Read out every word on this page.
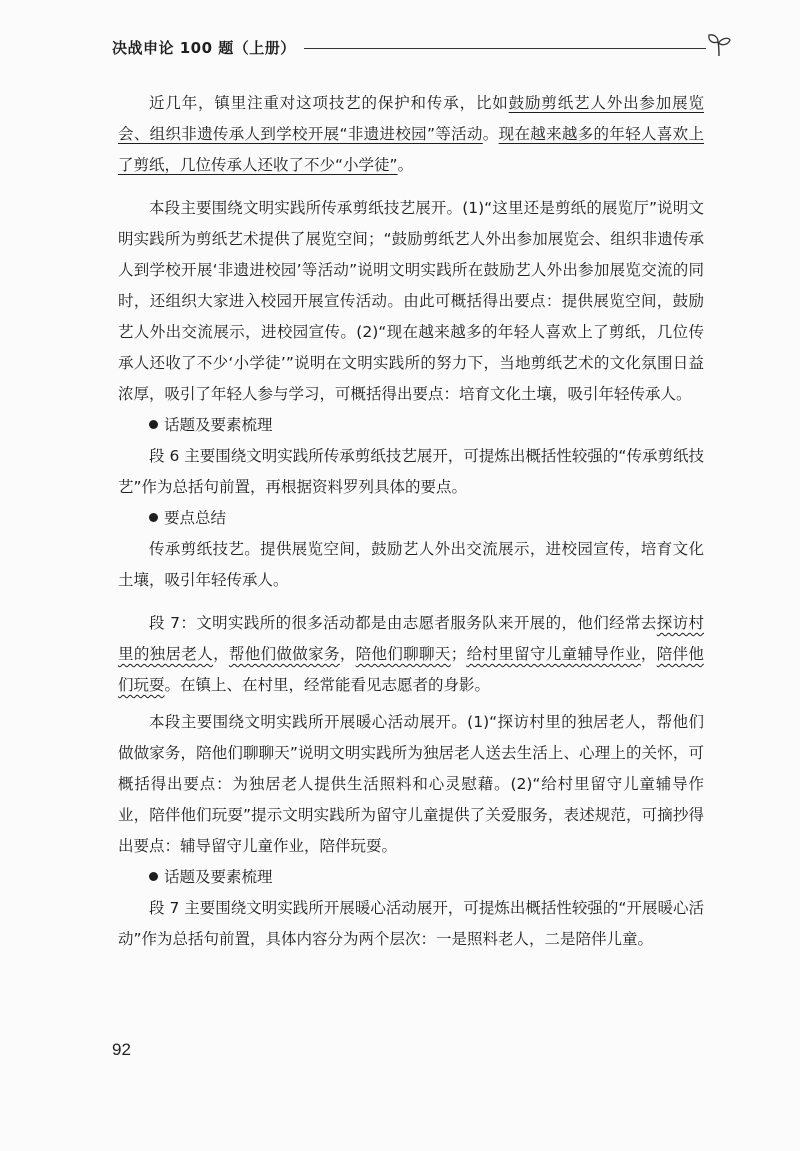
决战申论 100 题（上册）

近几年，镇里注重对这项技艺的保护和传承，比如鼓励剪纸艺人外出参加展览会、组织非遗传承人到学校开展“非遗进校园”等活动。现在越来越多的年轻人喜欢上了剪纸，几位传承人还收了不少“小学徒”。

本段主要围绕文明实践所传承剪纸技艺展开。(1)“这里还是剪纸的展览厅”说明文明实践所为剪纸艺术提供了展览空间；“鼓励剪纸艺人外出参加展览会、组织非遗传承人到学校开展‘非遗进校园’等活动”说明文明实践所在鼓励艺人外出参加展览交流的同时，还组织大家进入校园开展宣传活动。由此可概括得出要点：提供展览空间，鼓励艺人外出交流展示，进校园宣传。(2)“现在越来越多的年轻人喜欢上了剪纸，几位传承人还收了不少‘小学徒’”说明在文明实践所的努力下，当地剪纸艺术的文化氛围日益浓厚，吸引了年轻人参与学习，可概括得出要点：培育文化土壤，吸引年轻传承人。

话题及要素梳理

段 6 主要围绕文明实践所传承剪纸技艺展开，可提炼出概括性较强的“传承剪纸技艺”作为总括句前置，再根据资料罗列具体的要点。

要点总结

传承剪纸技艺。提供展览空间，鼓励艺人外出交流展示，进校园宣传，培育文化土壤，吸引年轻传承人。

段 7：文明实践所的很多活动都是由志愿者服务队来开展的，他们经常去探访村里的独居老人，帮他们做做家务，陪他们聊聊天；给村里留守儿童辅导作业，陪伴他们玩耍。在镇上、在村里，经常能看见志愿者的身影。

本段主要围绕文明实践所开展暖心活动展开。(1)“探访村里的独居老人，帮他们做做家务，陪他们聊聊天”说明文明实践所为独居老人送去生活上、心理上的关怀，可概括得出要点：为独居老人提供生活照料和心灵慰藉。(2)“给村里留守儿童辅导作业，陪伴他们玩耍”提示文明实践所为留守儿童提供了关爱服务，表述规范，可摘抄得出要点：辅导留守儿童作业，陪伴玩耍。

话题及要素梳理

段 7 主要围绕文明实践所开展暖心活动展开，可提炼出概括性较强的“开展暖心活动”作为总括句前置，具体内容分为两个层次：一是照料老人，二是陪伴儿童。

92
